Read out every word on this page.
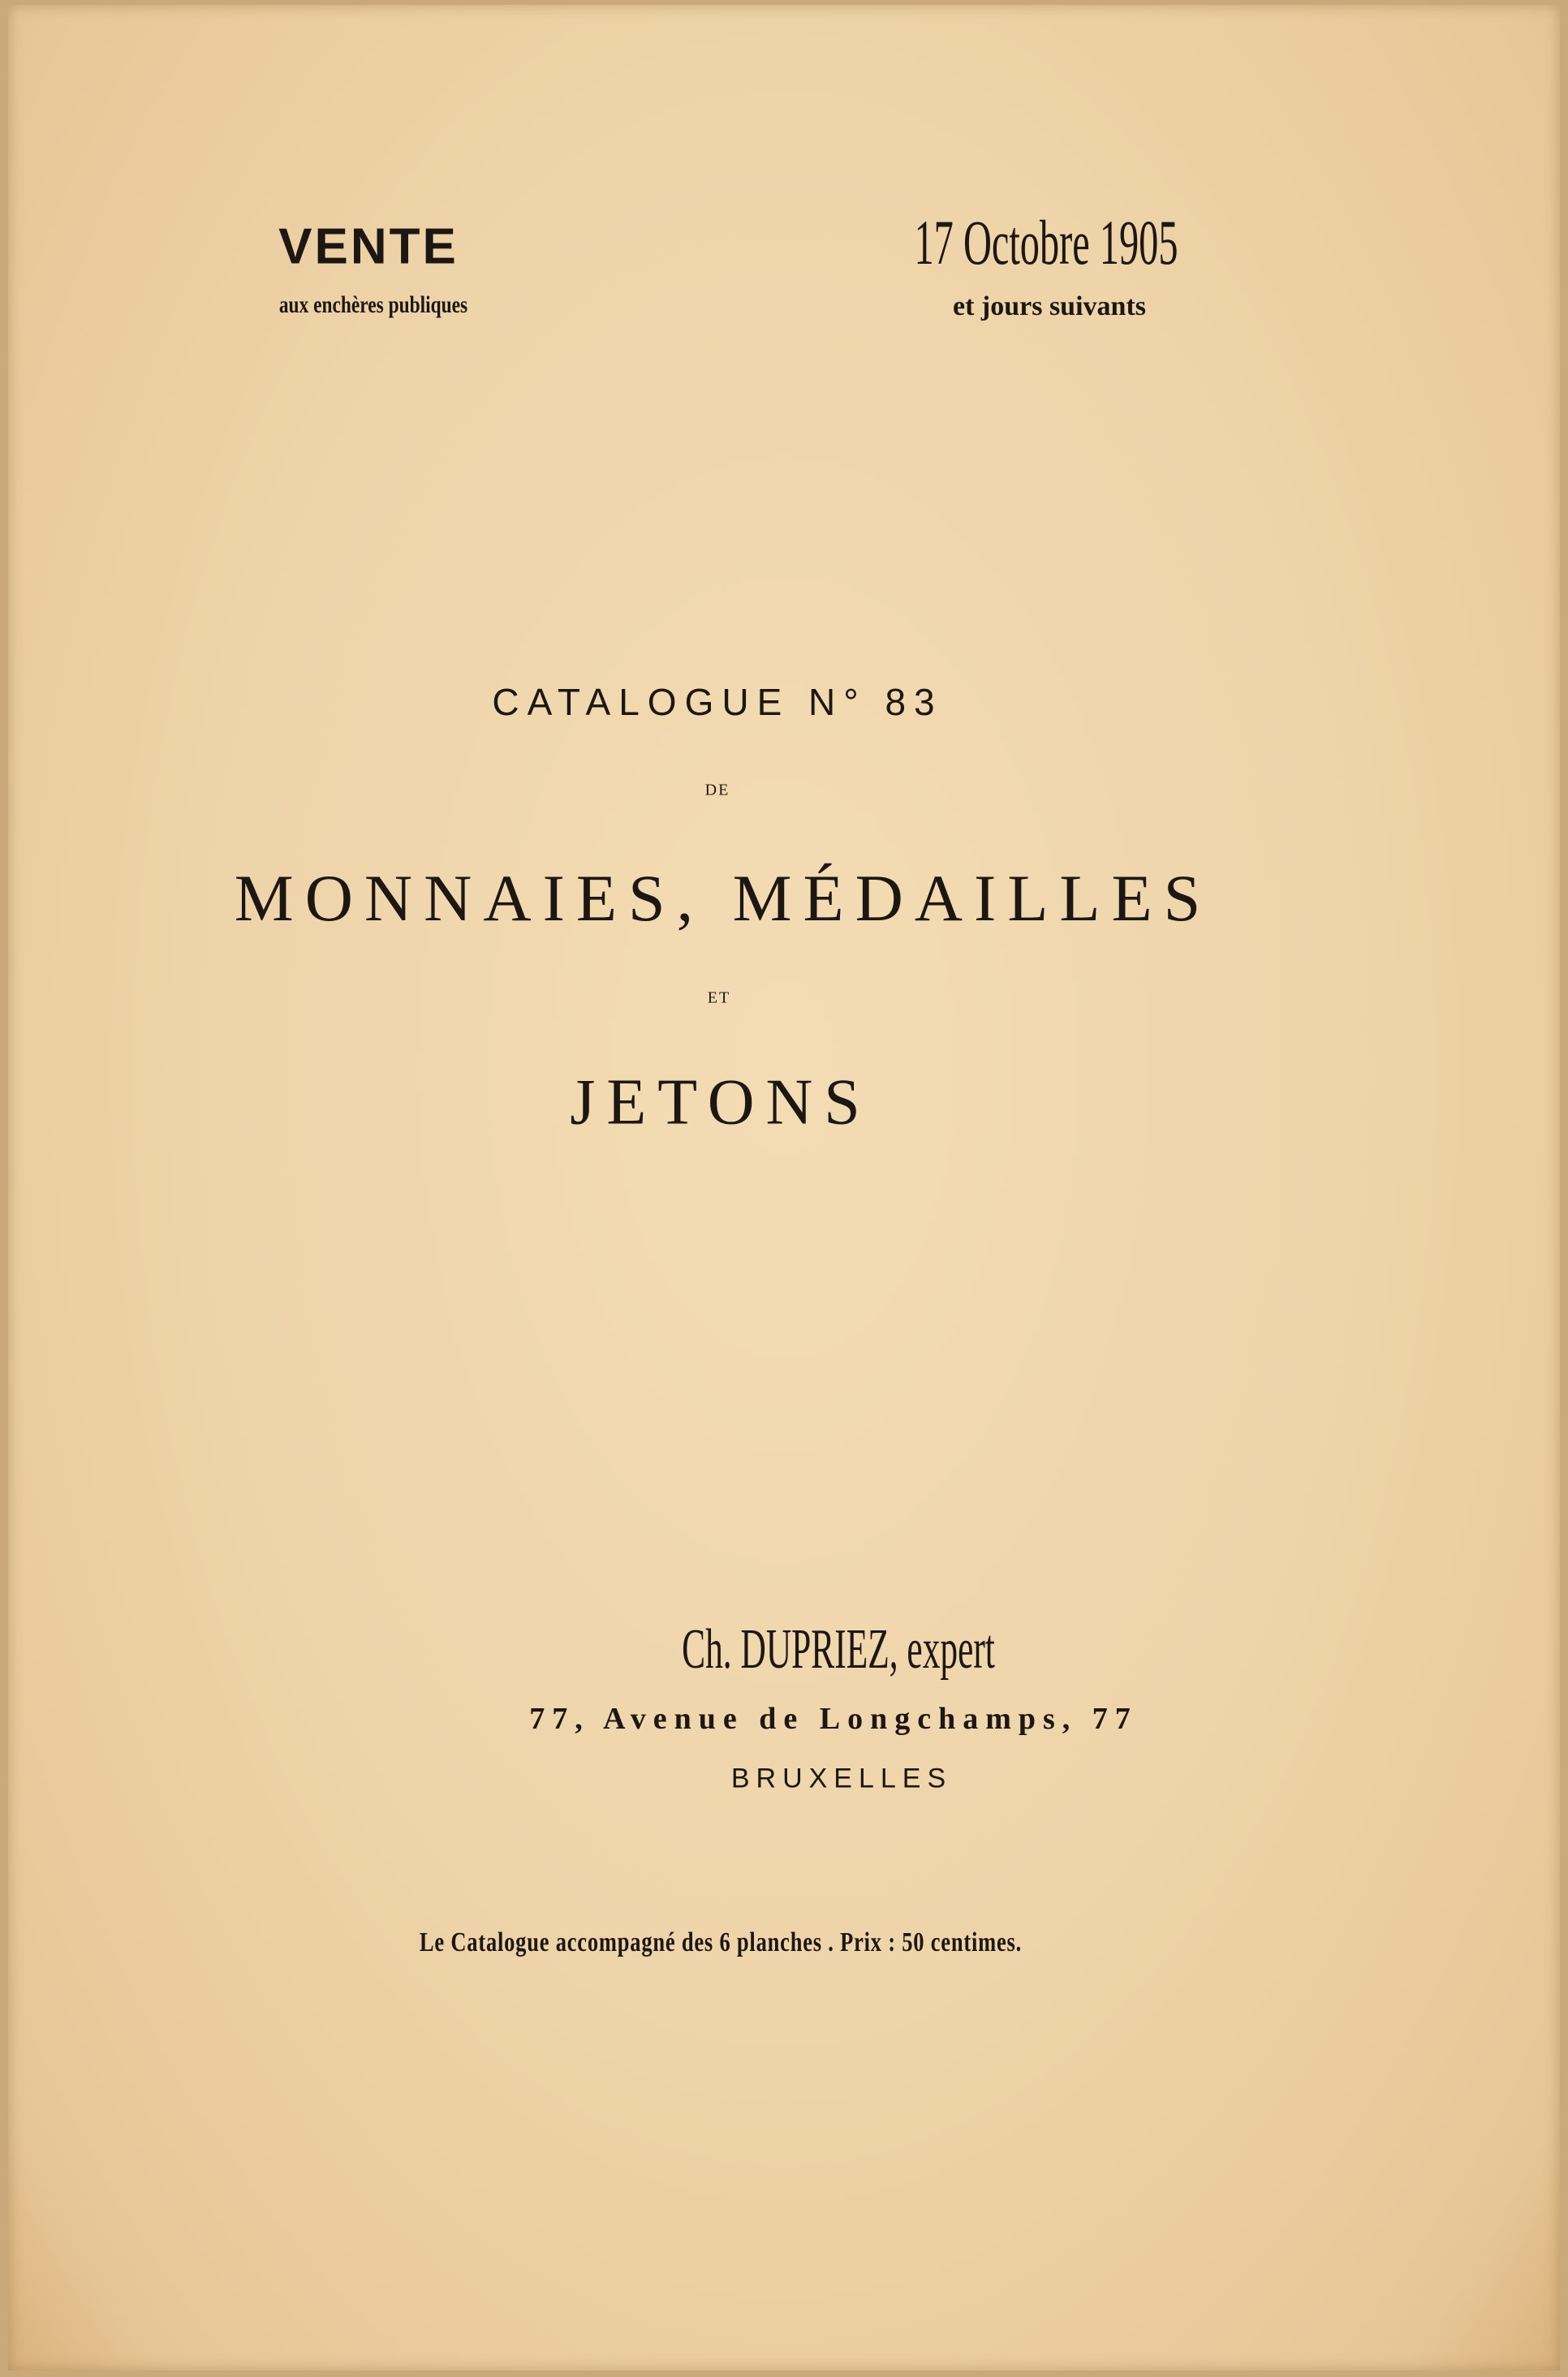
VENTE
aux enchères publiques
17 Octobre 1905
et jours suivants
CATALOGUE N° 83
DE
MONNAIES, MÉDAILLES
ET
JETONS
Ch. DUPRIEZ, expert
77, Avenue de Longchamps, 77
BRUXELLES
Le Catalogue accompagné des 6 planches . Prix : 50 centimes.
